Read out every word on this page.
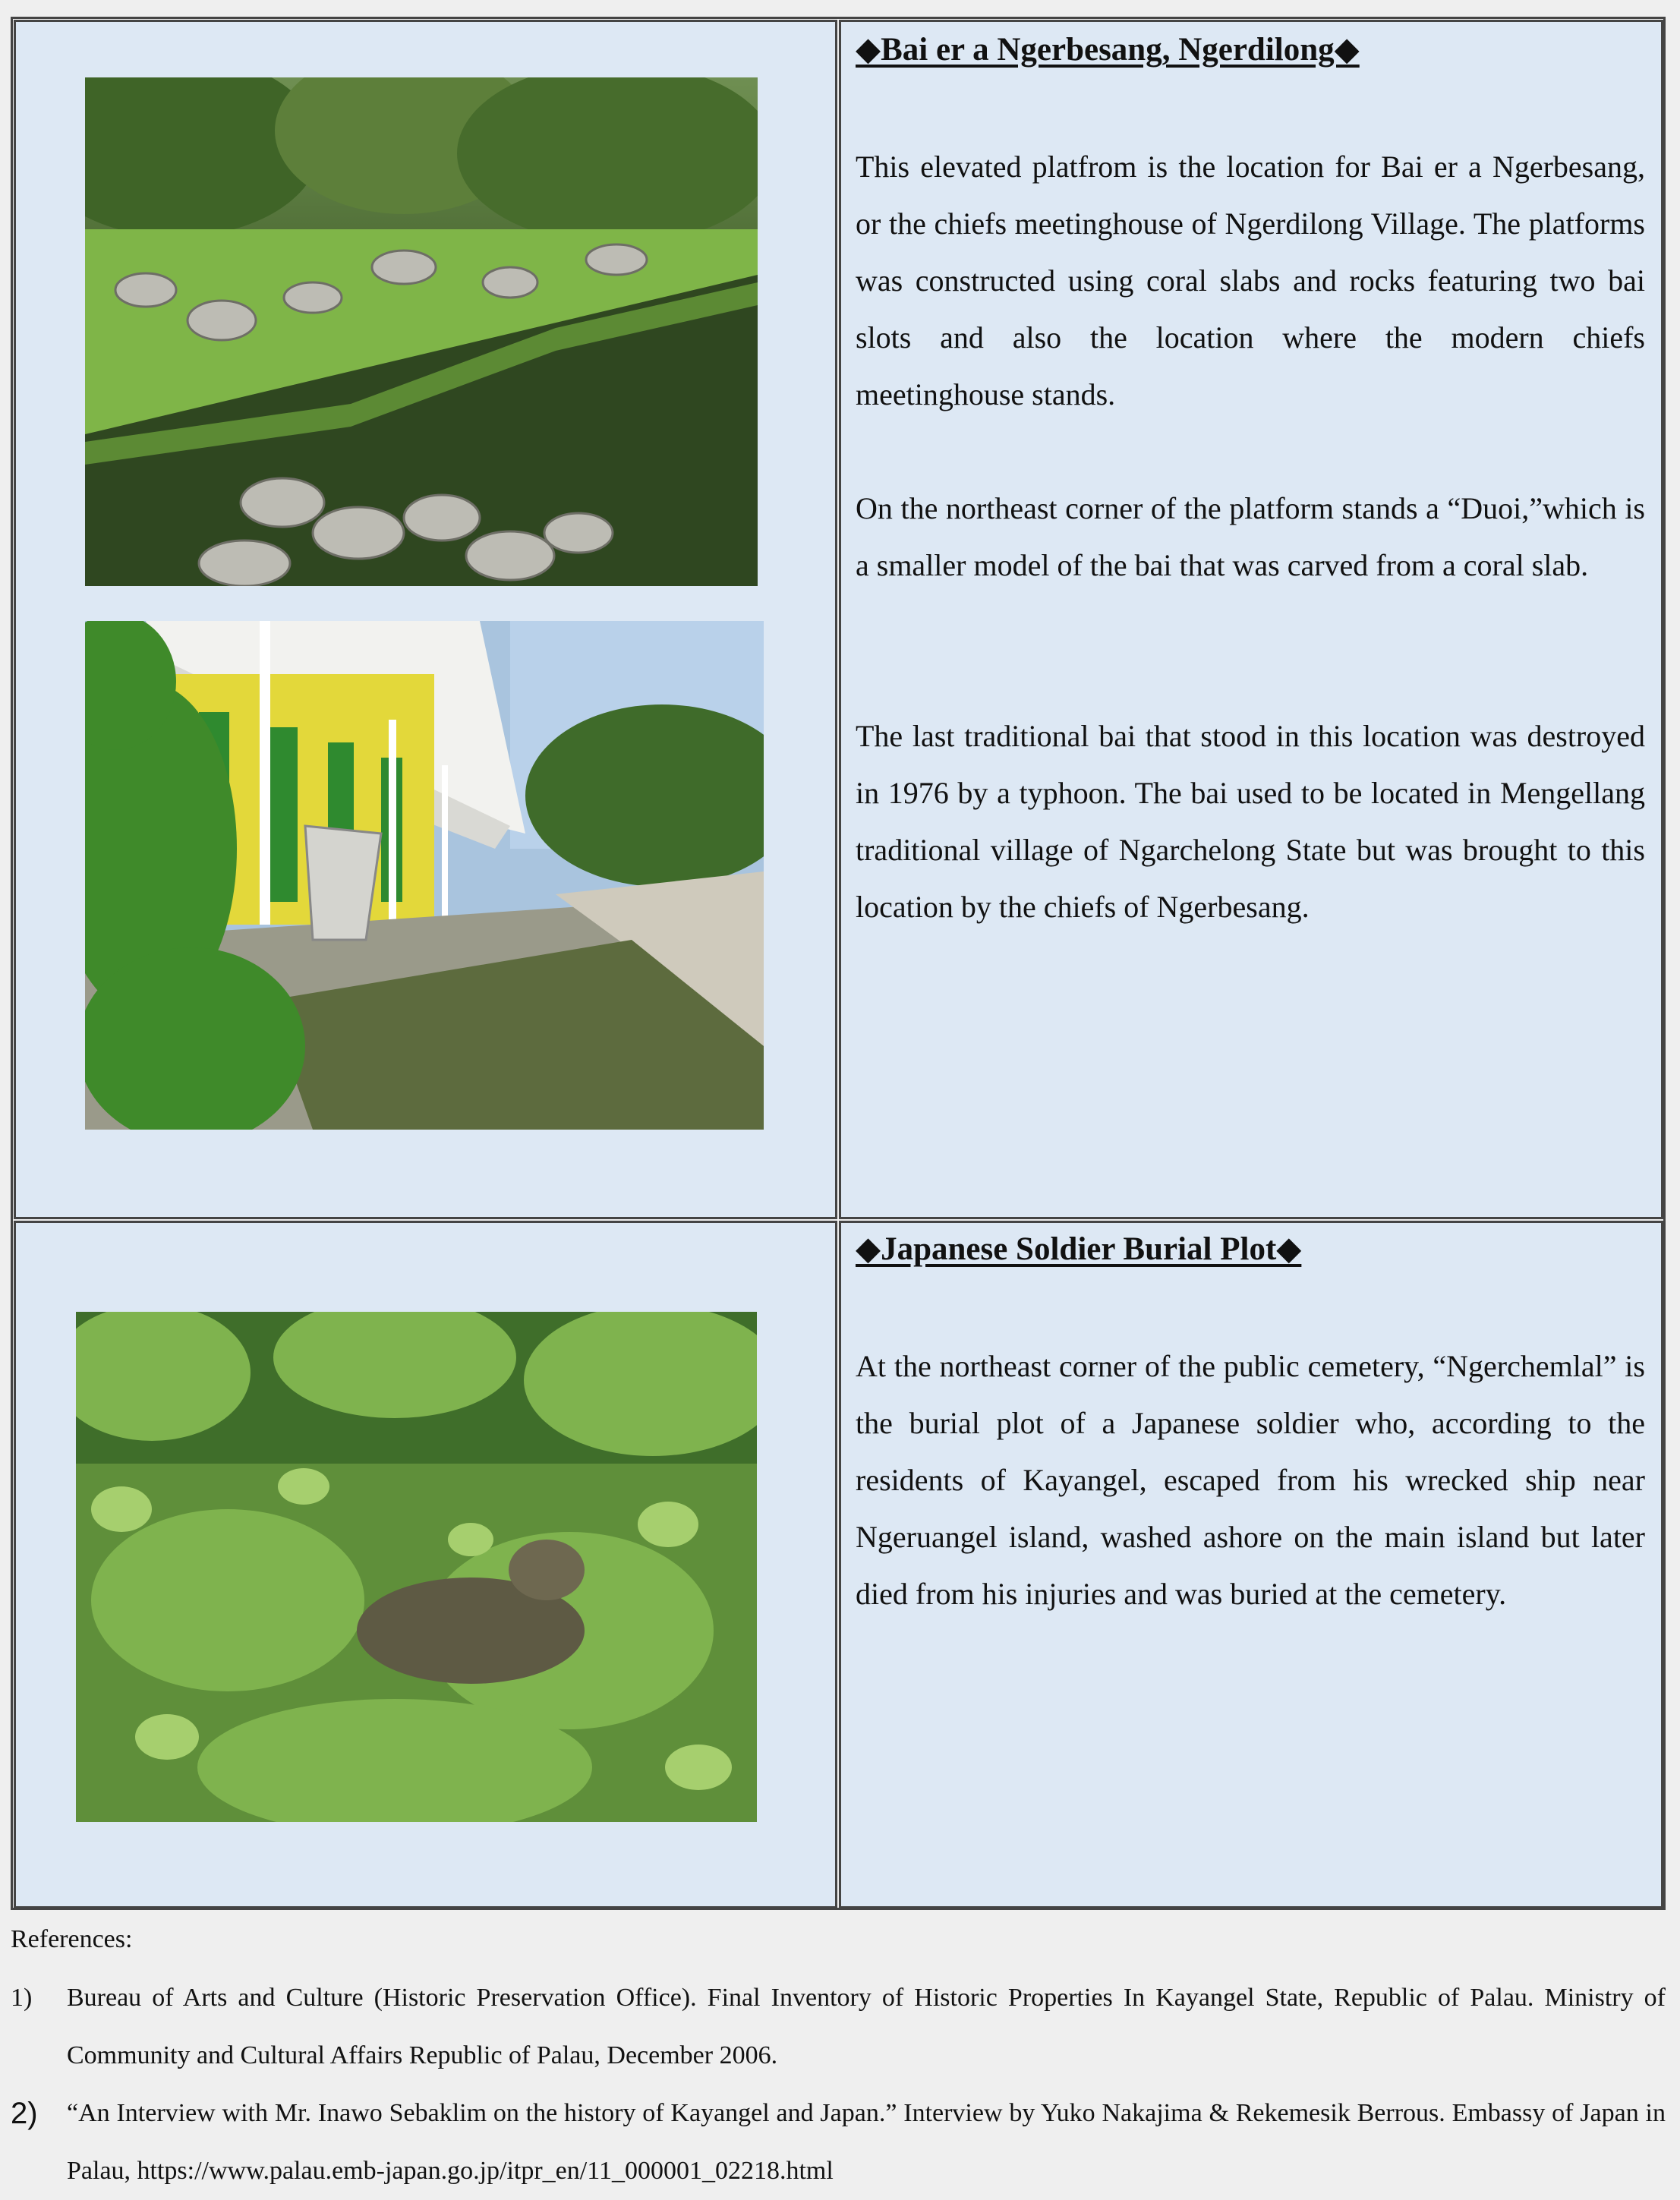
◆Bai er a Ngerbesang, Ngerdilong◆

This elevated platfrom is the location for Bai er a Ngerbesang, or the chiefs meetinghouse of Ngerdilong Village. The platforms was constructed using coral slabs and rocks featuring two bai slots and also the location where the modern chiefs meetinghouse stands.

On the northeast corner of the platform stands a “Duoi,”which is a smaller model of the bai that was carved from a coral slab.

The last traditional bai that stood in this location was destroyed in 1976 by a typhoon. The bai used to be located in Mengellang traditional village of Ngarchelong State but was brought to this location by the chiefs of Ngerbesang.

◆Japanese Soldier Burial Plot◆

At the northeast corner of the public cemetery, “Ngerchemlal” is the burial plot of a Japanese soldier who, according to the residents of Kayangel, escaped from his wrecked ship near Ngeruangel island, washed ashore on the main island but later died from his injuries and was buried at the cemetery.

References:

1) Bureau of Arts and Culture (Historic Preservation Office). Final Inventory of Historic Properties In Kayangel State, Republic of Palau. Ministry of Community and Cultural Affairs Republic of Palau, December 2006.
2) “An Interview with Mr. Inawo Sebaklim on the history of Kayangel and Japan.” Interview by Yuko Nakajima & Rekemesik Berrous. Embassy of Japan in Palau, https://www.palau.emb-japan.go.jp/itpr_en/11_000001_02218.html
